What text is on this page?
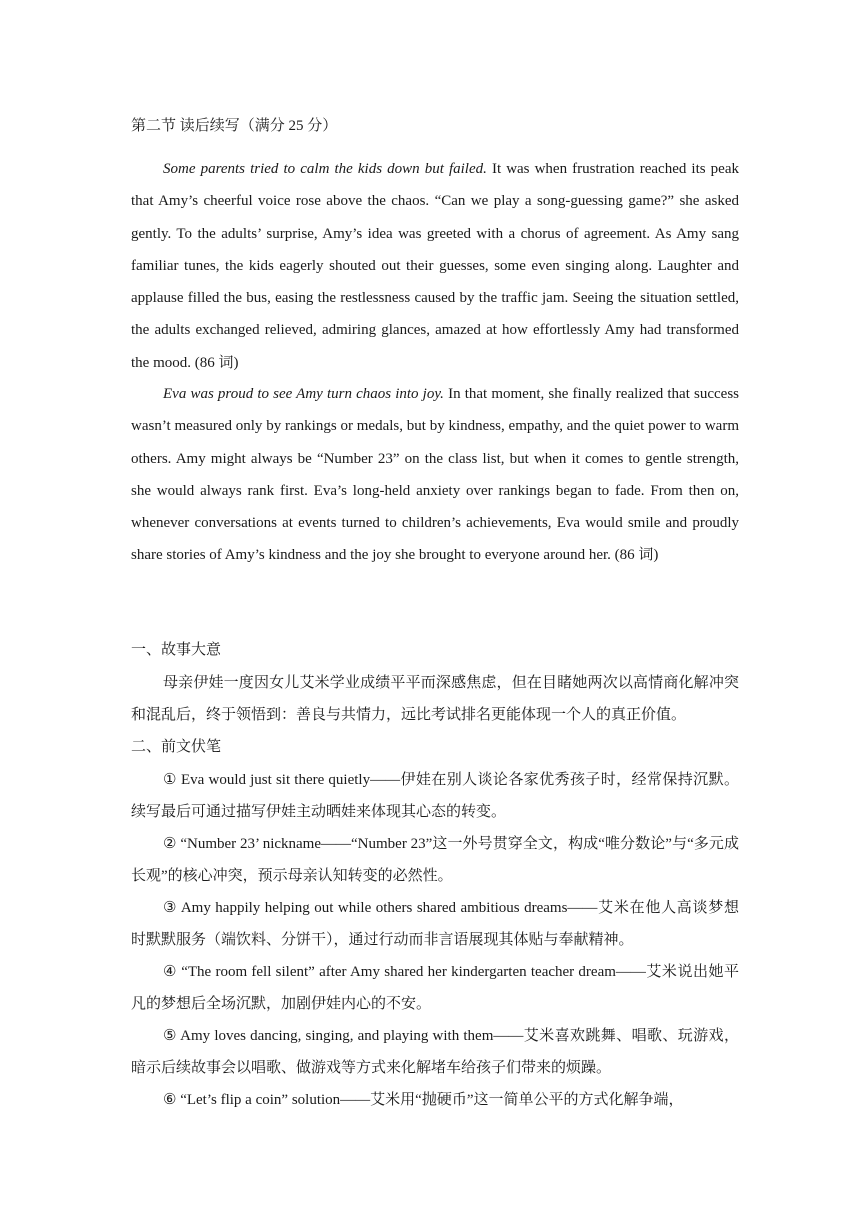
第二节 读后续写（满分 25 分）

Some parents tried to calm the kids down but failed. It was when frustration reached its peak that Amy’s cheerful voice rose above the chaos. “Can we play a song-guessing game?” she asked gently. To the adults’ surprise, Amy’s idea was greeted with a chorus of agreement. As Amy sang familiar tunes, the kids eagerly shouted out their guesses, some even singing along. Laughter and applause filled the bus, easing the restlessness caused by the traffic jam. Seeing the situation settled, the adults exchanged relieved, admiring glances, amazed at how effortlessly Amy had transformed the mood. (86 词)

Eva was proud to see Amy turn chaos into joy. In that moment, she finally realized that success wasn’t measured only by rankings or medals, but by kindness, empathy, and the quiet power to warm others. Amy might always be “Number 23” on the class list, but when it comes to gentle strength, she would always rank first. Eva’s long-held anxiety over rankings began to fade. From then on, whenever conversations at events turned to children’s achievements, Eva would smile and proudly share stories of Amy’s kindness and the joy she brought to everyone around her. (86 词)

一、故事大意

母亲伊娃一度因女儿艾米学业成绩平平而深感焦虑，但在目睹她两次以高情商化解冲突和混乱后，终于领悟到：善良与共情力，远比考试排名更能体现一个人的真正价值。

二、前文伏笔

① Eva would just sit there quietly——伊娃在别人谈论各家优秀孩子时，经常保持沉默。续写最后可通过描写伊娃主动晒娃来体现其心态的转变。

② “Number 23’ nickname——“Number 23”这一外号贯穿全文，构成“唯分数论”与“多元成长观”的核心冲突，预示母亲认知转变的必然性。

③ Amy happily helping out while others shared ambitious dreams——艾米在他人高谈梦想时默默服务（端饮料、分饼干），通过行动而非言语展现其体贴与奉献精神。

④ “The room fell silent” after Amy shared her kindergarten teacher dream——艾米说出她平凡的梦想后全场沉默，加剧伊娃内心的不安。

⑤ Amy loves dancing, singing, and playing with them——艾米喜欢跳舞、唱歌、玩游戏，暗示后续故事会以唱歌、做游戏等方式来化解堵车给孩子们带来的烦躁。

⑥ “Let’s flip a coin” solution——艾米用“抛硬币”这一简单公平的方式化解争端，
